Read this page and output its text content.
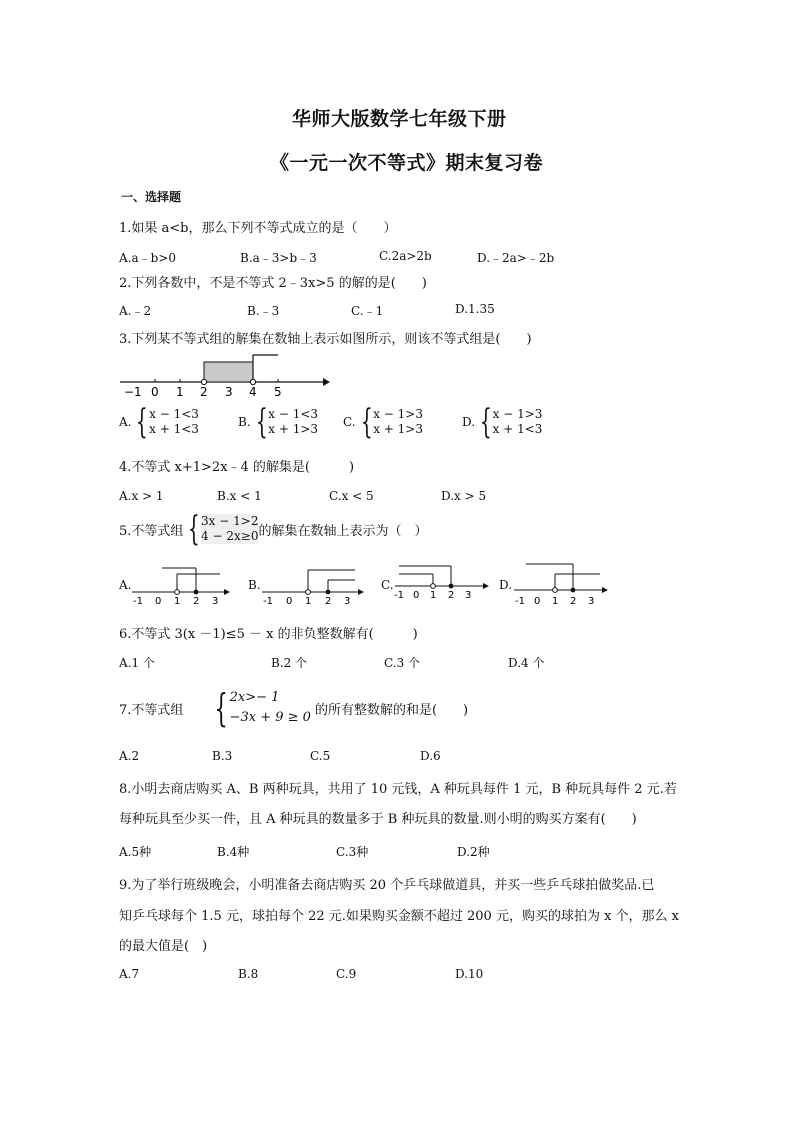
华师大版数学七年级下册
《一元一次不等式》期末复习卷
一、选择题
1.如果 a<b，那么下列不等式成立的是（　　）
A.a﹣b>0	B.a﹣3>b﹣3	C.2a>2b	D.﹣2a>﹣2b
2.下列各数中，不是不等式 2﹣3x>5 的解的是(　　)
A.﹣2	B.﹣3	C.﹣1	D.1.35
3.下列某不等式组的解集在数轴上表示如图所示，则该不等式组是(　　)
−1 0 1 2 3 4 5
A. { x − 1<3
x + 1<3	B. { x − 1<3
x + 1>3 C. { x − 1>3
x + 1>3	D. { x − 1>3
x + 1<3
4.不等式 x+1>2x﹣4 的解集是(　　　)
A.x > 1	B.x < 1	C.x < 5	D.x > 5
5.不等式组 { 3x − 1>2
4 − 2x≥0 的解集在数轴上表示为（　）
A.
-1 0 1 2 3
B.
-1 0 1 2 3
C.
-1 0 1 2 3
D.
-1 0 1 2 3
6.不等式 3(x －1)≤5 － x 的非负整数解有(　　　)
A.1 个	B.2 个	C.3 个	D.4 个
7.不等式组 { 2x>− 1
−3x + 9 ≥ 0 的所有整数解的和是(　　)
A.2	B.3	C.5	D.6
8.小明去商店购买 A、B 两种玩具，共用了 10 元钱，A 种玩具每件 1 元，B 种玩具每件 2 元.若
每种玩具至少买一件，且 A 种玩具的数量多于 B 种玩具的数量.则小明的购买方案有(　　)
A.5种	B.4种	C.3种	D.2种
9.为了举行班级晚会，小明准备去商店购买 20 个乒乓球做道具，并买一些乒乓球拍做奖品.已
知乒乓球每个 1.5 元，球拍每个 22 元.如果购买金额不超过 200 元，购买的球拍为 x 个，那么 x
的最大值是(　)
A.7	B.8	C.9	D.10
